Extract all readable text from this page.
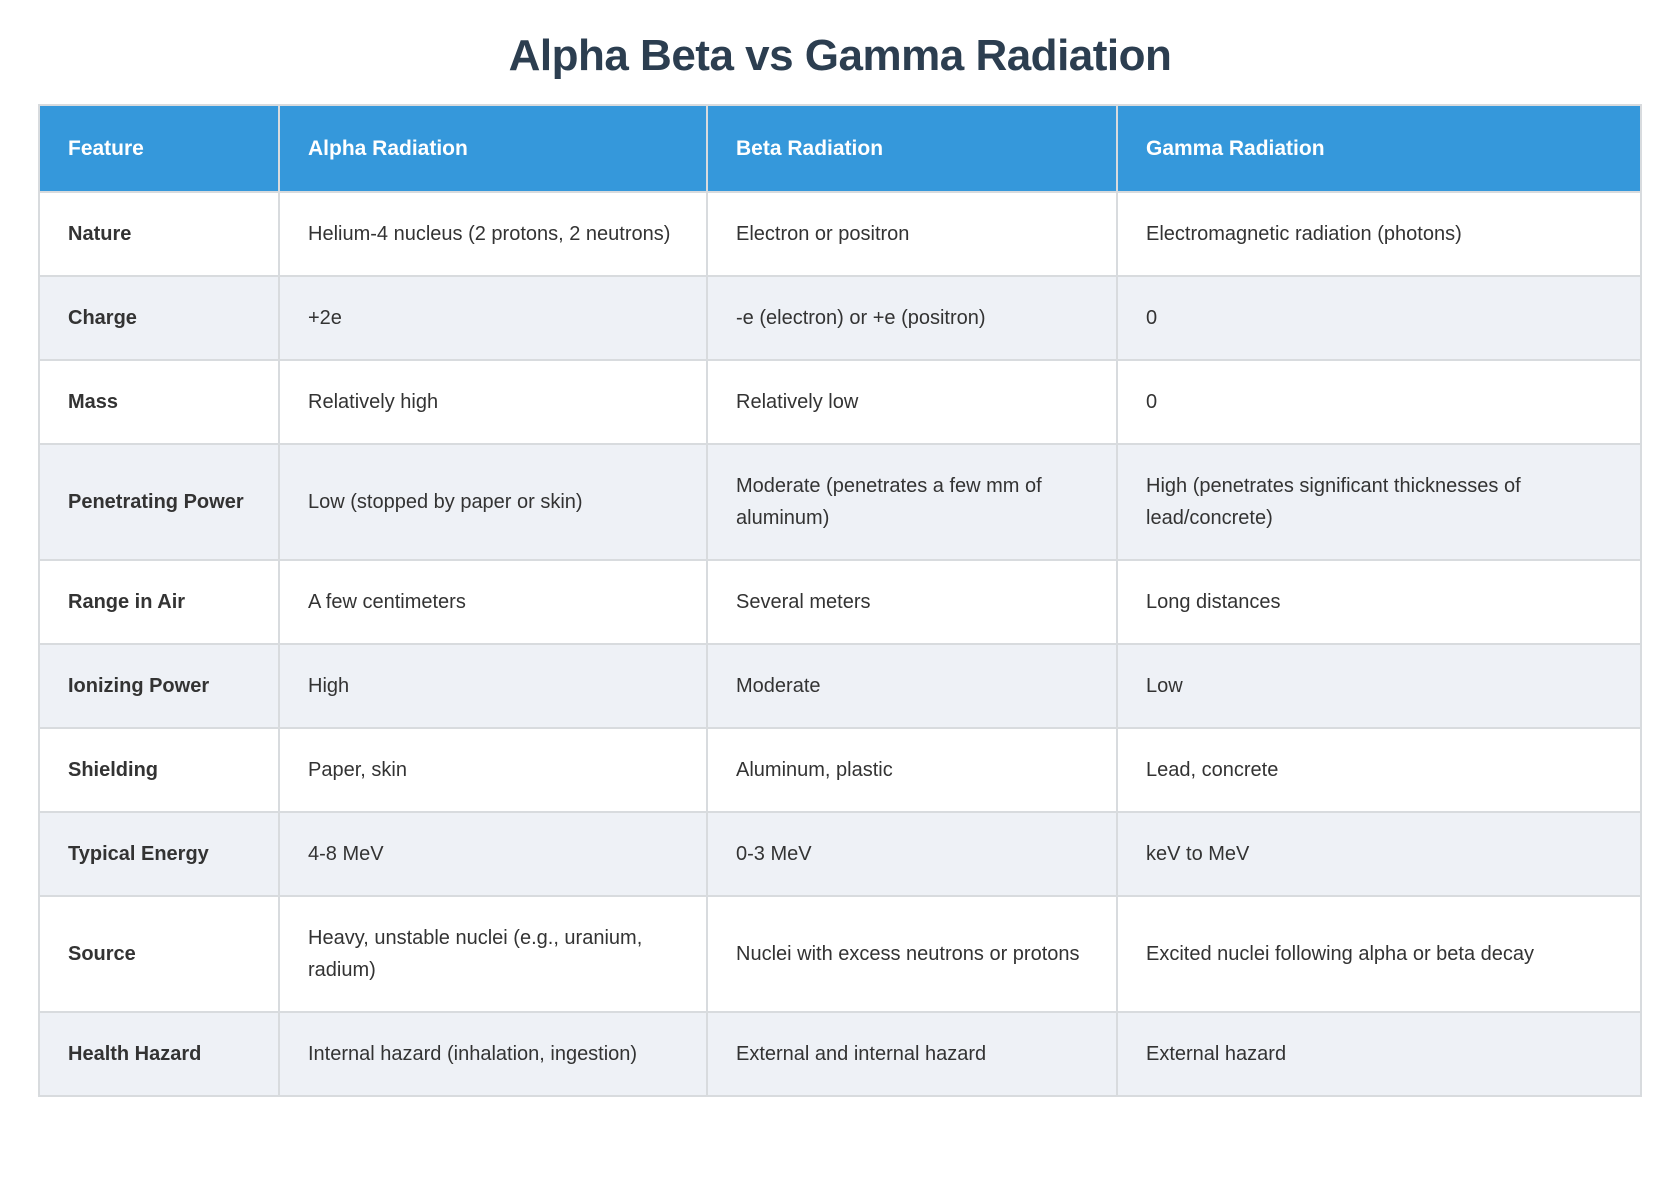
Alpha Beta vs Gamma Radiation
Feature	Alpha Radiation	Beta Radiation	Gamma Radiation
Nature	Helium-4 nucleus (2 protons, 2 neutrons)	Electron or positron	Electromagnetic radiation (photons)
Charge	+2e	-e (electron) or +e (positron)	0
Mass	Relatively high	Relatively low	0
Penetrating Power	Low (stopped by paper or skin)	Moderate (penetrates a few mm of aluminum)	High (penetrates significant thicknesses of lead/concrete)
Range in Air	A few centimeters	Several meters	Long distances
Ionizing Power	High	Moderate	Low
Shielding	Paper, skin	Aluminum, plastic	Lead, concrete
Typical Energy	4-8 MeV	0-3 MeV	keV to MeV
Source	Heavy, unstable nuclei (e.g., uranium, radium)	Nuclei with excess neutrons or protons	Excited nuclei following alpha or beta decay
Health Hazard	Internal hazard (inhalation, ingestion)	External and internal hazard	External hazard
